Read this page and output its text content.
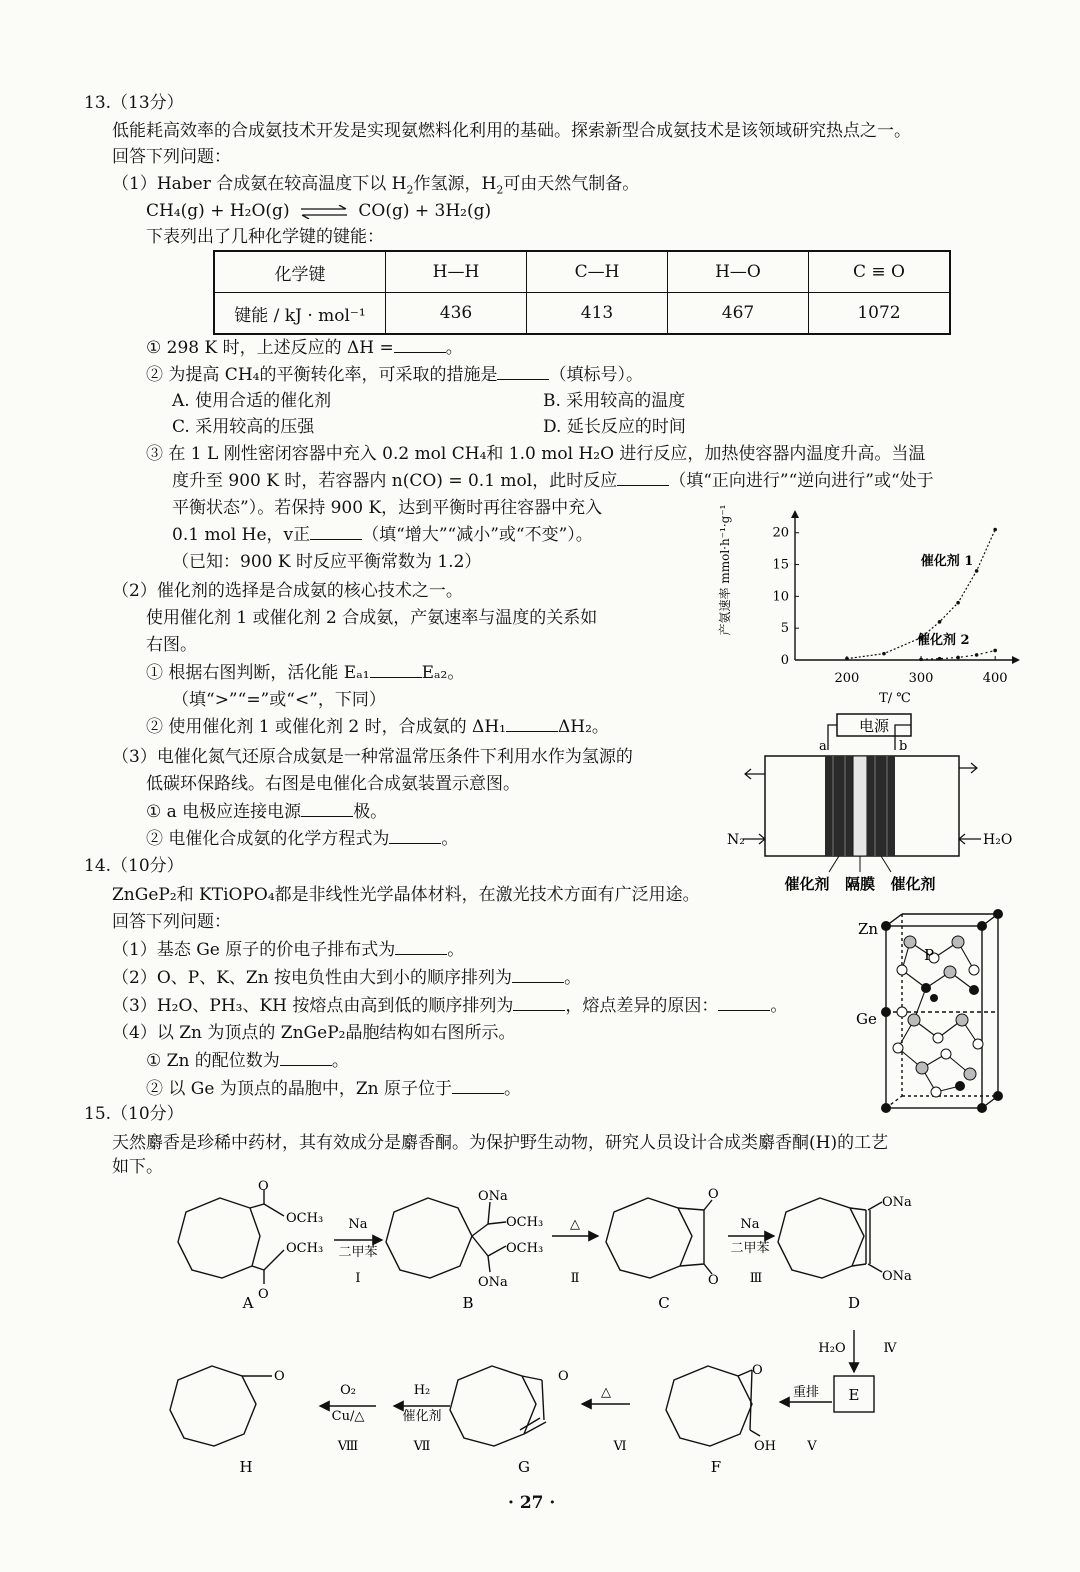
13.（13分）
低能耗高效率的合成氨技术开发是实现氨燃料化利用的基础。探索新型合成氨技术是该领域研究热点之一。
回答下列问题：
（1）Haber 合成氨在较高温度下以 $H_2$作氢源，$H_2$可由天然气制备。
CH₄(g) + H₂O(g) ⇌ CO(g) + 3H₂(g)
下表列出了几种化学键的键能：
化学键	H—H	C—H	H—O	C ≡ O
键能 / kJ · mol⁻¹	436	413	467	1072
① 298 K 时，上述反应的 ΔH =	。
② 为提高 CH₄的平衡转化率，可采取的措施是	（填标号）。
A. 使用合适的催化剂	B. 采用较高的温度
C. 采用较高的压强	D. 延长反应的时间
③ 在 1 L 刚性密闭容器中充入 0.2 mol CH₄和 1.0 mol H₂O 进行反应，加热使容器内温度升高。当温
度升至 900 K 时，若容器内 n(CO) = 0.1 mol，此时反应	（填“正向进行”“逆向进行”或“处于
平衡状态”）。若保持 900 K，达到平衡时再往容器中充入
0.1 mol He，v正	（填“增大”“减小”或“不变”）。
（已知：900 K 时反应平衡常数为 1.2）
（2）催化剂的选择是合成氨的核心技术之一。
使用催化剂 1 或催化剂 2 合成氨，产氨速率与温度的关系如
右图。
① 根据右图判断，活化能 Eₐ₁	Eₐ₂。
（填“>”“=”或“<”，下同）
② 使用催化剂 1 或催化剂 2 时，合成氨的 ΔH₁	ΔH₂。
（3）电催化氮气还原合成氨是一种常温常压条件下利用水作为氢源的
低碳环保路线。右图是电催化合成氨装置示意图。
① a 电极应连接电源	极。
② 电催化合成氨的化学方程式为	。
200	300	400
0
5
10
15
20
催化剂 1
催化剂 2
产氨速率 mmol·h⁻¹·g⁻¹
T/ ℃
电源
a	b
N₂	H₂O
催化剂 隔膜 催化剂
14.（10分）
ZnGeP₂和 KTiOPO₄都是非线性光学晶体材料，在激光技术方面有广泛用途。
回答下列问题：
（1）基态 Ge 原子的价电子排布式为	。
（2）O、P、K、Zn 按电负性由大到小的顺序排列为	。
（3）H₂O、PH₃、KH 按熔点由高到低的顺序排列为	，熔点差异的原因：	。
（4）以 Zn 为顶点的 ZnGeP₂晶胞结构如右图所示。
① Zn 的配位数为	。
② 以 Ge 为顶点的晶胞中，Zn 原子位于	。
Zn
P
Ge
15.（10分）
天然麝香是珍稀中药材，其有效成分是麝香酮。为保护野生动物，研究人员设计合成类麝香酮(H)的工艺
如下。
O
OCH₃
OCH₃
O
ONa
OCH₃
OCH₃
ONa
O
O
ONa
ONa
O
OH
O
O
Na
二甲苯
Ⅰ
△
Ⅱ
Na
二甲苯
Ⅲ
H₂O	Ⅳ
重排
Ⅴ
△
Ⅵ
H₂
催化剂
Ⅶ
O₂
Cu/△
Ⅷ
A	B	C	D
E
F
G
H
· 27 ·
